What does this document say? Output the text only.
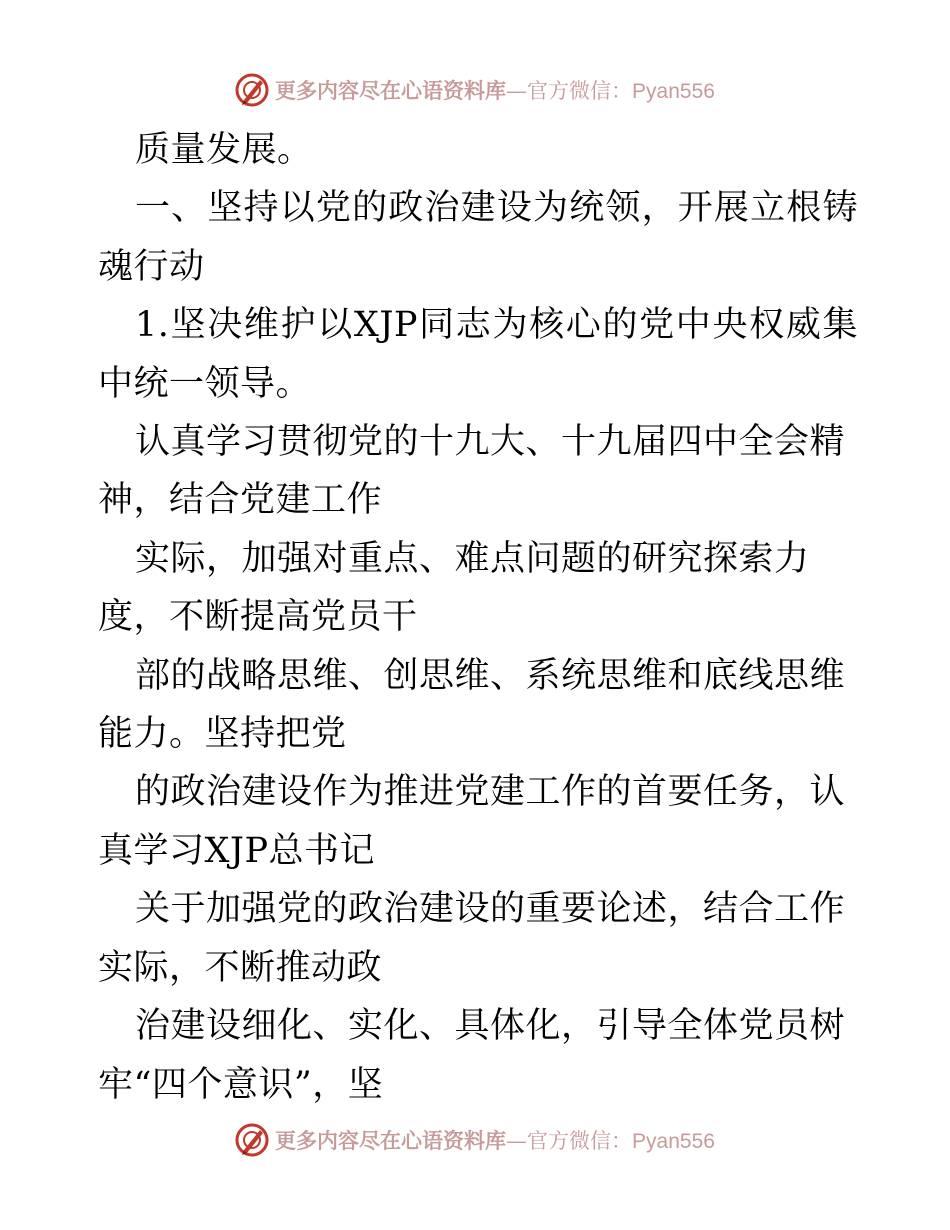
更多内容尽在心语资料库—官方微信：Pyan556

质量发展。

一、坚持以党的政治建设为统领，开展立根铸魂行动

1.坚决维护以XJP同志为核心的党中央权威集中统一领导。

认真学习贯彻党的十九大、十九届四中全会精神，结合党建工作

实际，加强对重点、难点问题的研究探索力度，不断提高党员干

部的战略思维、创思维、系统思维和底线思维能力。坚持把党

的政治建设作为推进党建工作的首要任务，认真学习XJP总书记

关于加强党的政治建设的重要论述，结合工作实际，不断推动政

治建设细化、实化、具体化，引导全体党员树牢“四个意识”，坚

更多内容尽在心语资料库—官方微信：Pyan556
